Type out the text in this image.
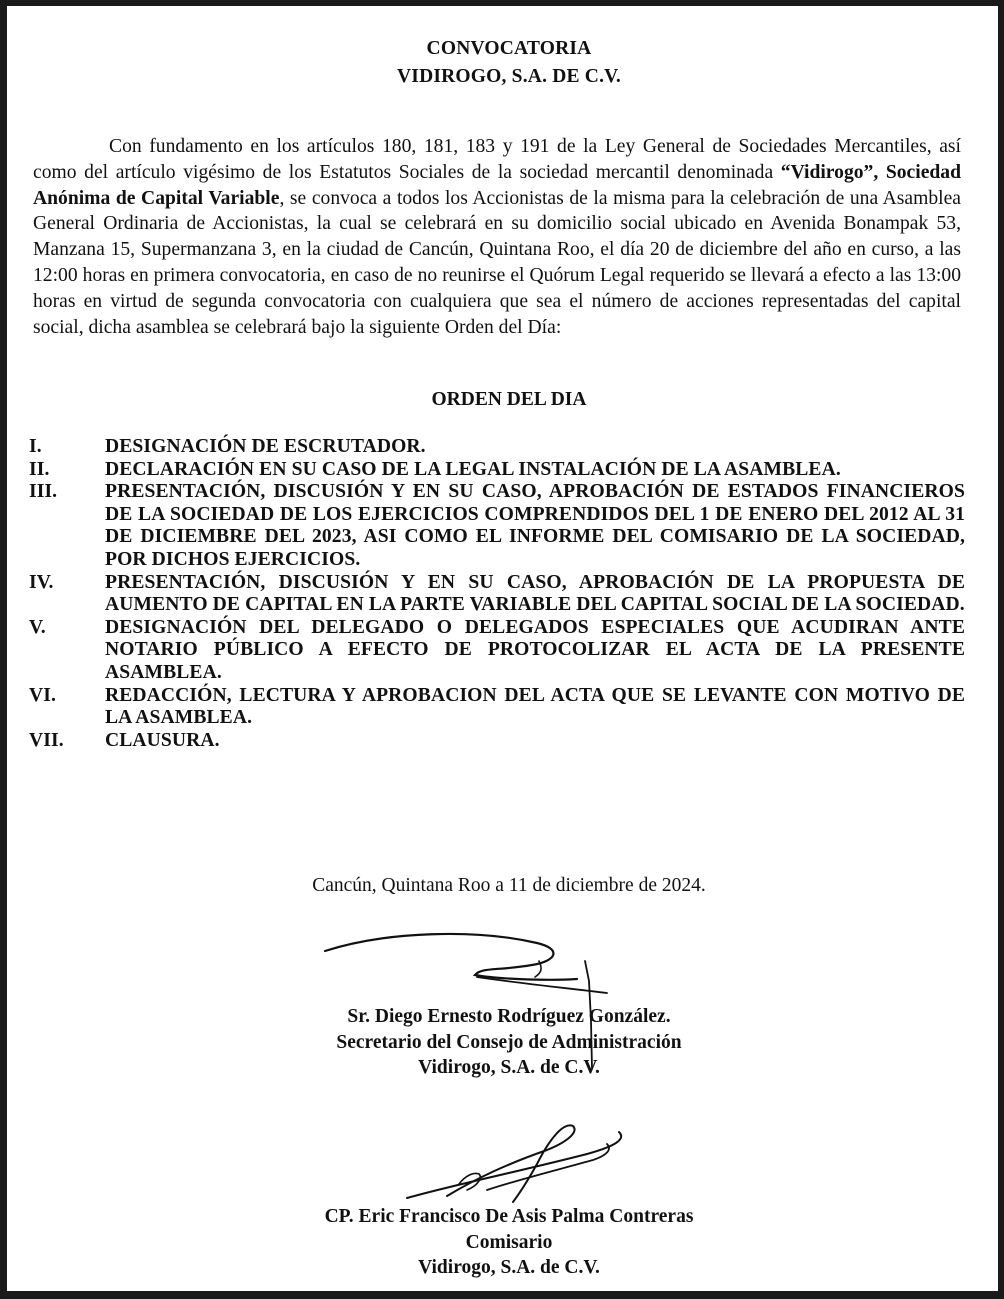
CONVOCATORIA
VIDIROGO, S.A. DE C.V.
Con fundamento en los artículos 180, 181, 183 y 191 de la Ley General de Sociedades Mercantiles, así como del artículo vigésimo de los Estatutos Sociales de la sociedad mercantil denominada “Vidirogo”, Sociedad Anónima de Capital Variable, se convoca a todos los Accionistas de la misma para la celebración de una Asamblea General Ordinaria de Accionistas, la cual se celebrará en su domicilio social ubicado en Avenida Bonampak 53, Manzana 15, Supermanzana 3, en la ciudad de Cancún, Quintana Roo, el día 20 de diciembre del año en curso, a las 12:00 horas en primera convocatoria, en caso de no reunirse el Quórum Legal requerido se llevará a efecto a las 13:00 horas en virtud de segunda convocatoria con cualquiera que sea el número de acciones representadas del capital social, dicha asamblea se celebrará bajo la siguiente Orden del Día:
ORDEN DEL DIA
I.	DESIGNACIÓN DE ESCRUTADOR.
II.	DECLARACIÓN EN SU CASO DE LA LEGAL INSTALACIÓN DE LA ASAMBLEA.
III.	PRESENTACIÓN, DISCUSIÓN Y EN SU CASO, APROBACIÓN DE ESTADOS FINANCIEROS DE LA SOCIEDAD DE LOS EJERCICIOS COMPRENDIDOS DEL 1 DE ENERO DEL 2012 AL 31 DE DICIEMBRE DEL 2023, ASI COMO EL INFORME DEL COMISARIO DE LA SOCIEDAD, POR DICHOS EJERCICIOS.
IV.	PRESENTACIÓN, DISCUSIÓN Y EN SU CASO, APROBACIÓN DE LA PROPUESTA DE AUMENTO DE CAPITAL EN LA PARTE VARIABLE DEL CAPITAL SOCIAL DE LA SOCIEDAD.
V.	DESIGNACIÓN DEL DELEGADO O DELEGADOS ESPECIALES QUE ACUDIRAN ANTE NOTARIO PÚBLICO A EFECTO DE PROTOCOLIZAR EL ACTA DE LA PRESENTE ASAMBLEA.
VI.	REDACCIÓN, LECTURA Y APROBACION DEL ACTA QUE SE LEVANTE CON MOTIVO DE LA ASAMBLEA.
VII.	CLAUSURA.
Cancún, Quintana Roo a 11 de diciembre de 2024.
Sr. Diego Ernesto Rodríguez González.
Secretario del Consejo de Administración
Vidirogo, S.A. de C.V.
CP. Eric Francisco De Asis Palma Contreras
Comisario
Vidirogo, S.A. de C.V.
